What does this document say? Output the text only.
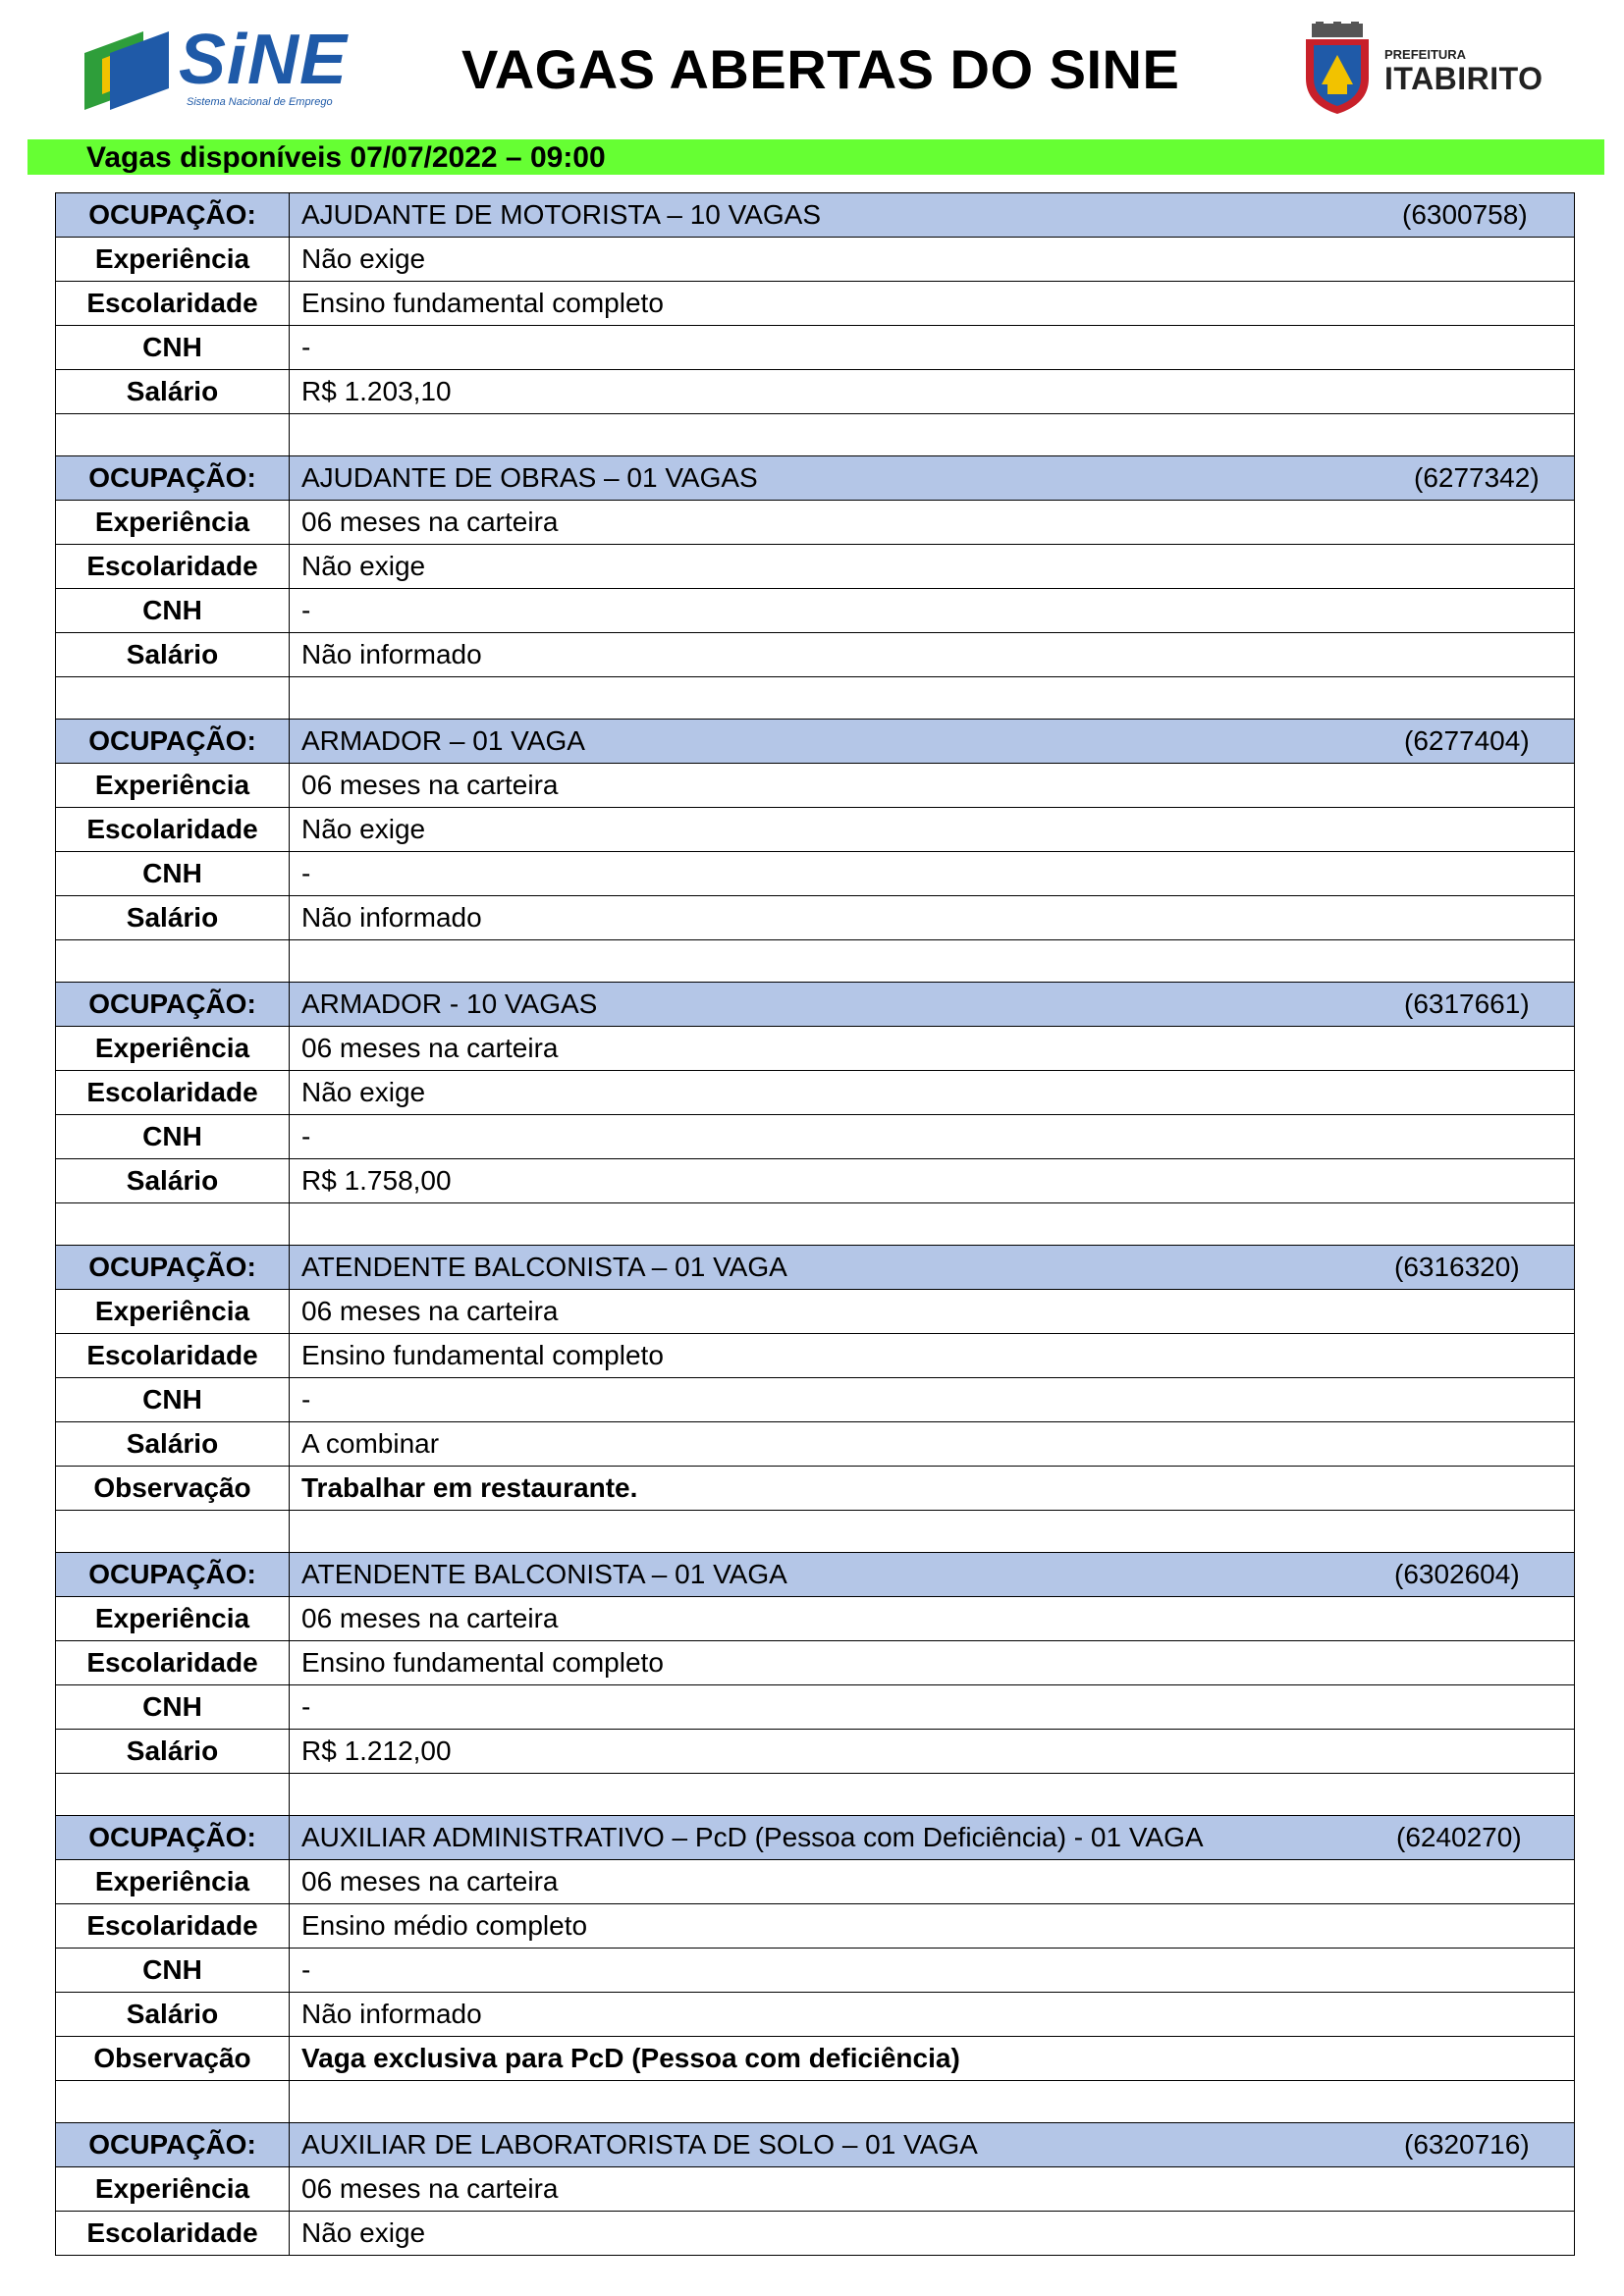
SiNE
Sistema Nacional de Emprego
VAGAS ABERTAS DO SINE	PREFEITURA
ITABIRITO
Vagas disponíveis 07/07/2022 – 09:00
OCUPAÇÃO:	AJUDANTE DE MOTORISTA – 10 VAGAS (6300758)

Experiência	Não exige
Escolaridade	Ensino fundamental completo
CNH	-
Salário	R$ 1.203,10

OCUPAÇÃO:	AJUDANTE DE OBRAS – 01 VAGAS (6277342)

Experiência	06 meses na carteira
Escolaridade	Não exige
CNH	-
Salário	Não informado

OCUPAÇÃO:	ARMADOR – 01 VAGA (6277404)

Experiência	06 meses na carteira
Escolaridade	Não exige
CNH	-
Salário	Não informado

OCUPAÇÃO:	ARMADOR - 10 VAGAS (6317661)

Experiência	06 meses na carteira
Escolaridade	Não exige
CNH	-
Salário	R$ 1.758,00

OCUPAÇÃO:	ATENDENTE BALCONISTA – 01 VAGA (6316320)

Experiência	06 meses na carteira
Escolaridade	Ensino fundamental completo
CNH	-
Salário	A combinar
Observação	Trabalhar em restaurante.

OCUPAÇÃO:	ATENDENTE BALCONISTA – 01 VAGA (6302604)

Experiência	06 meses na carteira
Escolaridade	Ensino fundamental completo
CNH	-
Salário	R$ 1.212,00

OCUPAÇÃO:	AUXILIAR ADMINISTRATIVO – PcD (Pessoa com Deficiência) - 01 VAGA (6240270)

Experiência	06 meses na carteira
Escolaridade	Ensino médio completo
CNH	-
Salário	Não informado
Observação	Vaga exclusiva para PcD (Pessoa com deficiência)

OCUPAÇÃO:	AUXILIAR DE LABORATORISTA DE SOLO – 01 VAGA (6320716)

Experiência	06 meses na carteira
Escolaridade	Não exige
